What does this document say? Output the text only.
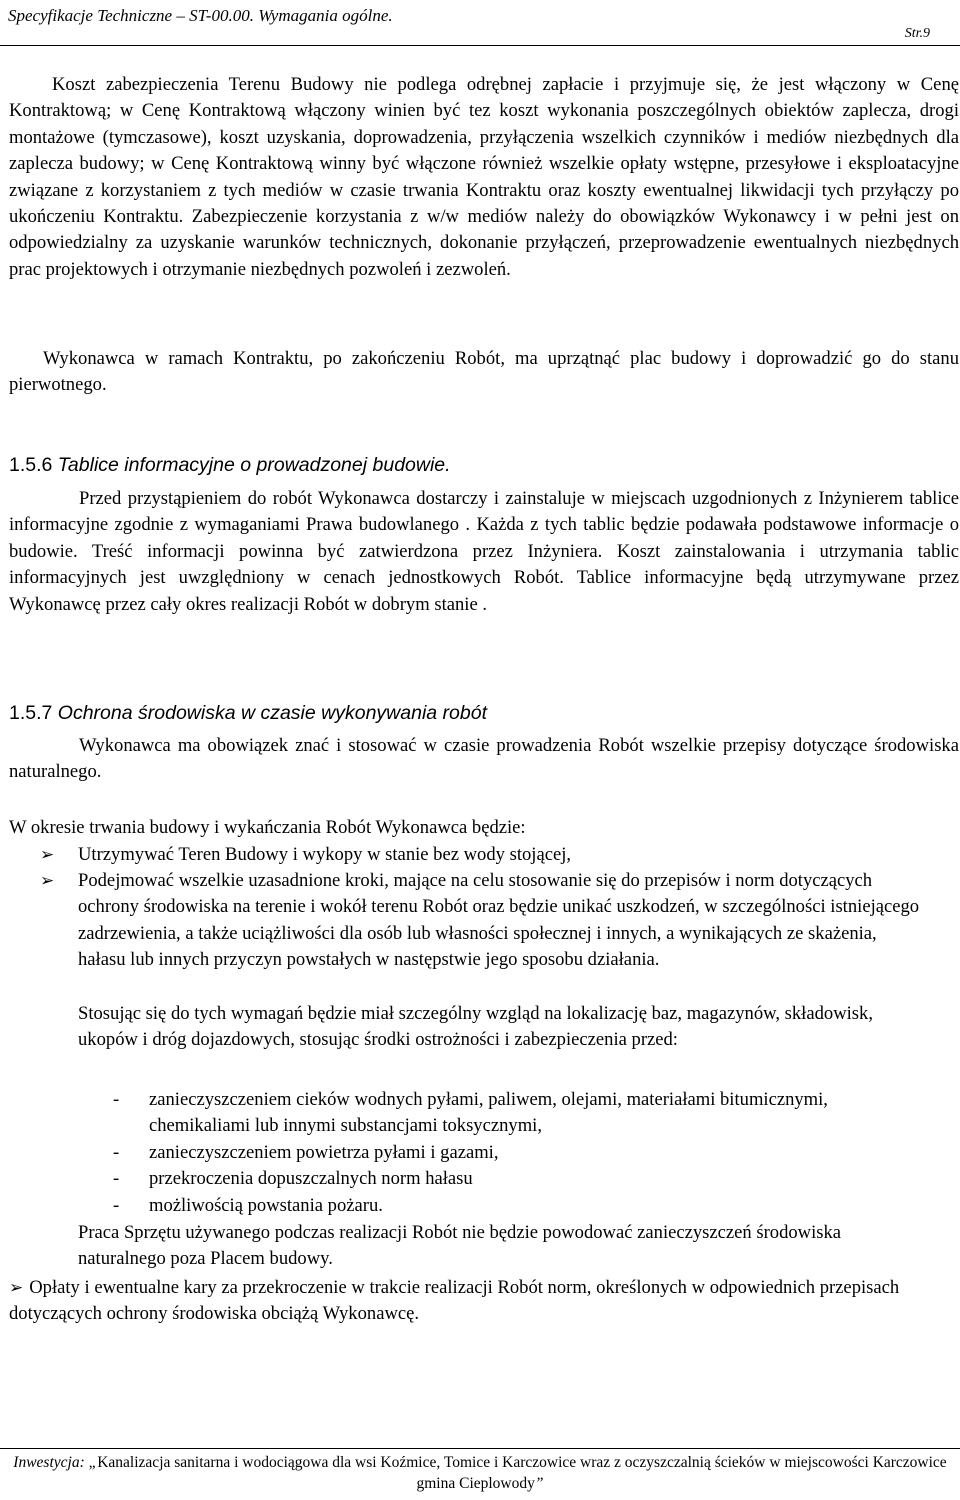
Specyfikacje Techniczne – ST-00.00. Wymagania ogólne.
Str.9

Koszt zabezpieczenia Terenu Budowy nie podlega odrębnej zapłacie i przyjmuje się, że jest włączony w Cenę Kontraktową; w Cenę Kontraktową włączony winien być tez koszt wykonania poszczególnych obiektów zaplecza, drogi montażowe (tymczasowe), koszt uzyskania, doprowadzenia, przyłączenia wszelkich czynników i mediów niezbędnych dla zaplecza budowy; w Cenę Kontraktową winny być włączone również wszelkie opłaty wstępne, przesyłowe i eksploatacyjne związane z korzystaniem z tych mediów w czasie trwania Kontraktu oraz koszty ewentualnej likwidacji tych przyłączy po ukończeniu Kontraktu. Zabezpieczenie korzystania z w/w mediów należy do obowiązków Wykonawcy i w pełni jest on odpowiedzialny za uzyskanie warunków technicznych, dokonanie przyłączeń, przeprowadzenie ewentualnych niezbędnych prac projektowych i otrzymanie niezbędnych pozwoleń i zezwoleń.

Wykonawca w ramach Kontraktu, po zakończeniu Robót, ma uprzątnąć plac budowy i doprowadzić go do stanu pierwotnego.

1.5.6 Tablice informacyjne o prowadzonej budowie.

Przed przystąpieniem do robót Wykonawca dostarczy i zainstaluje w miejscach uzgodnionych z Inżynierem tablice informacyjne zgodnie z wymaganiami Prawa budowlanego . Każda z tych tablic będzie podawała podstawowe informacje o budowie. Treść informacji powinna być zatwierdzona przez Inżyniera. Koszt zainstalowania i utrzymania tablic informacyjnych jest uwzględniony w cenach jednostkowych Robót. Tablice informacyjne będą utrzymywane przez Wykonawcę przez cały okres realizacji Robót w dobrym stanie .

1.5.7 Ochrona środowiska w czasie wykonywania robót

Wykonawca ma obowiązek znać i stosować w czasie prowadzenia Robót wszelkie przepisy dotyczące środowiska naturalnego.

W okresie trwania budowy i wykańczania Robót Wykonawca będzie:

➢	Utrzymywać Teren Budowy i wykopy w stanie bez wody stojącej,
➢	Podejmować wszelkie uzasadnione kroki, mające na celu stosowanie się do przepisów i norm dotyczących ochrony środowiska na terenie i wokół terenu Robót oraz będzie unikać uszkodzeń, w szczególności istniejącego zadrzewienia, a także uciążliwości dla osób lub własności społecznej i innych, a wynikających ze skażenia, hałasu lub innych przyczyn powstałych w następstwie jego sposobu działania.

Stosując się do tych wymagań będzie miał szczególny wzgląd na lokalizację baz, magazynów, składowisk, ukopów i dróg dojazdowych, stosując środki ostrożności i zabezpieczenia przed:

-	zanieczyszczeniem cieków wodnych pyłami, paliwem, olejami, materiałami bitumicznymi, chemikaliami lub innymi substancjami toksycznymi,
-	zanieczyszczeniem powietrza pyłami i gazami,
-	przekroczenia dopuszczalnych norm hałasu
-	możliwością powstania pożaru.

Praca Sprzętu używanego podczas realizacji Robót nie będzie powodować zanieczyszczeń środowiska naturalnego poza Placem budowy.

➢ Opłaty i ewentualne kary za przekroczenie w trakcie realizacji Robót norm, określonych w odpowiednich przepisach dotyczących ochrony środowiska obciążą Wykonawcę.

Inwestycja: „Kanalizacja sanitarna i wodociągowa dla wsi Koźmice, Tomice i Karczowice wraz z oczyszczalnią ścieków w miejscowości Karczowice gmina Cieplowody”
